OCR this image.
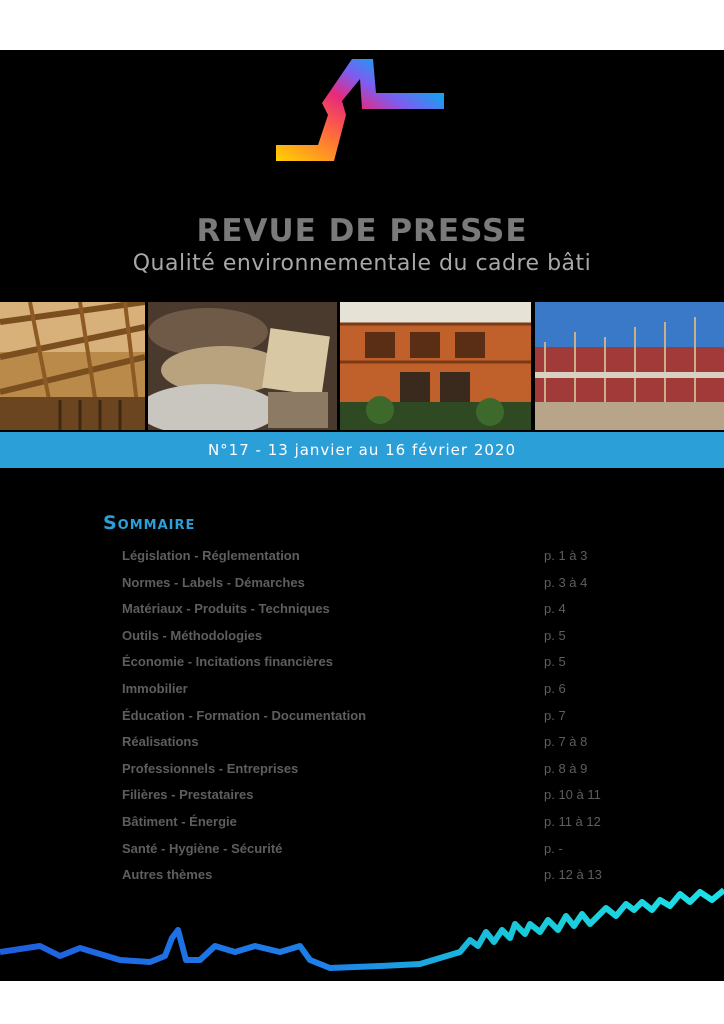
REVUE DE PRESSE
Qualité environnementale du cadre bâti
N°17 - 13 janvier au 16 février 2020
Sommaire
Législation - Réglementation	p. 1 à 3
Normes - Labels - Démarches	p. 3 à 4
Matériaux - Produits - Techniques	p. 4
Outils - Méthodologies	p. 5
Économie - Incitations financières	p. 5
Immobilier	p. 6
Éducation - Formation - Documentation	p. 7
Réalisations	p. 7 à 8
Professionnels - Entreprises	p. 8 à 9
Filières - Prestataires	p. 10 à 11
Bâtiment - Énergie	p. 11 à 12
Santé - Hygiène - Sécurité	p. -
Autres thèmes	p. 12 à 13
